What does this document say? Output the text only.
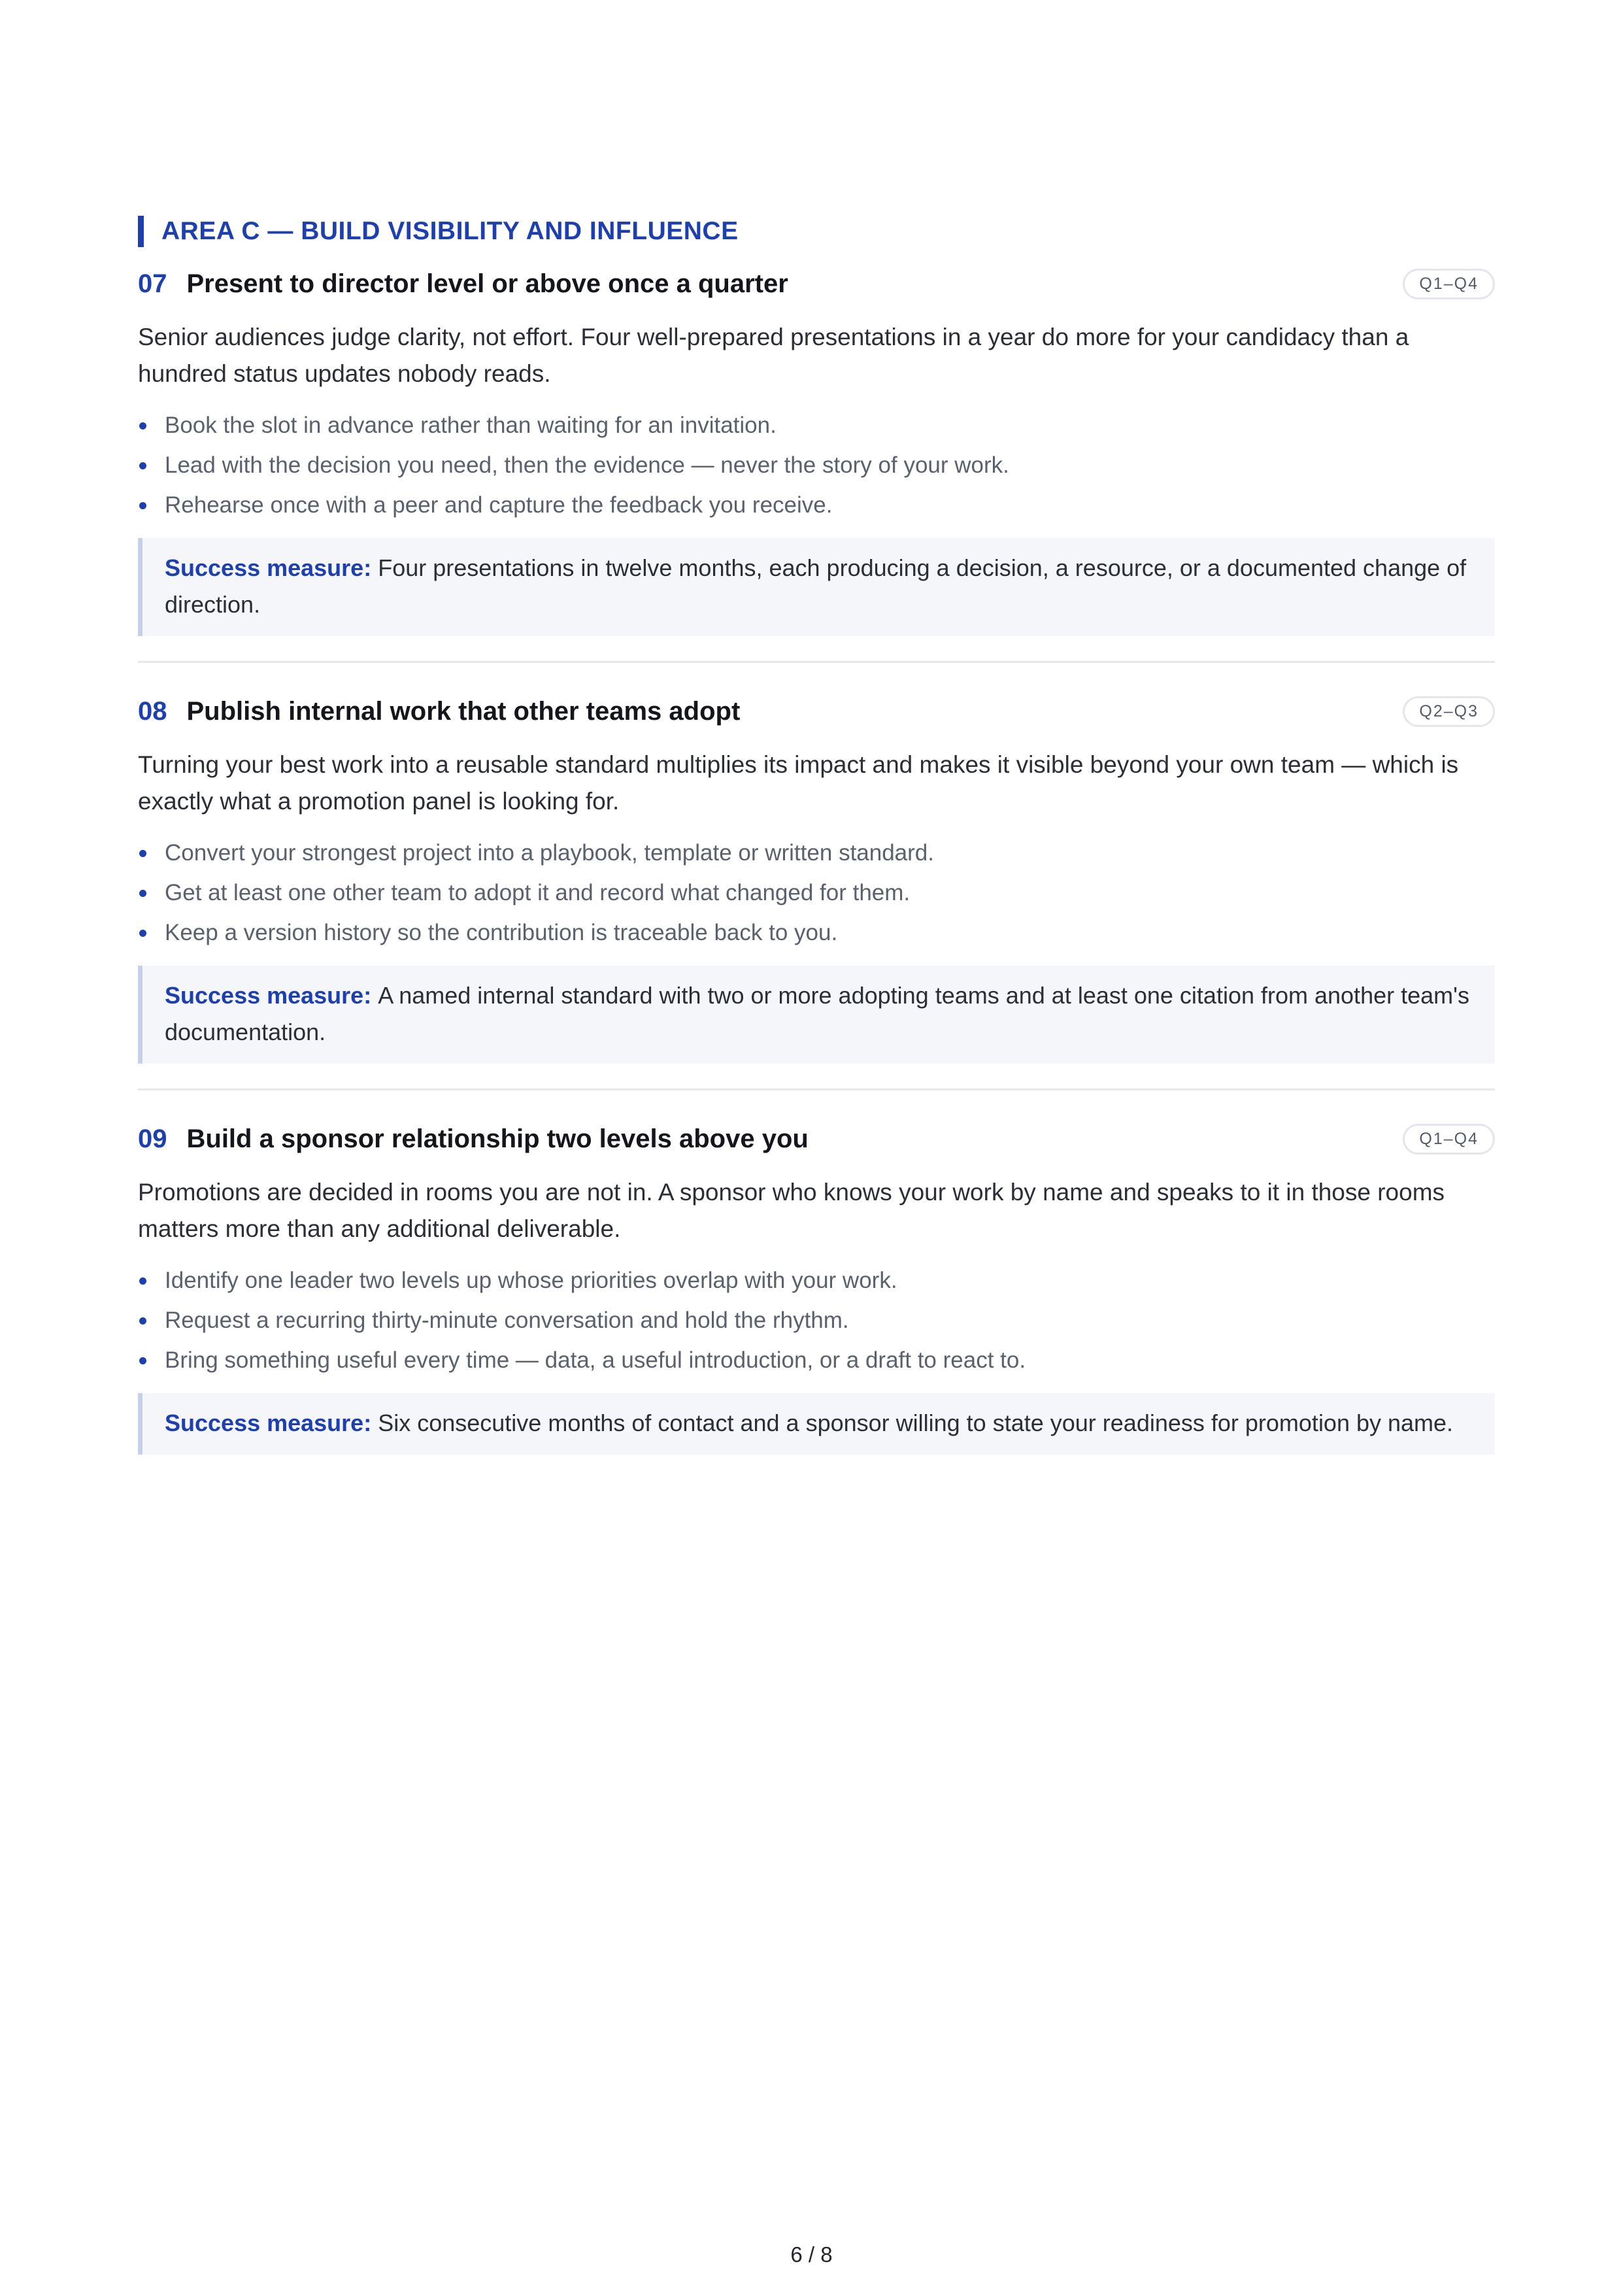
AREA C — BUILD VISIBILITY AND INFLUENCE
07 Present to director level or above once a quarter	Q1–Q4

Senior audiences judge clarity, not effort. Four well-prepared presentations in a year do more for your candidacy than a hundred status updates nobody reads.

Book the slot in advance rather than waiting for an invitation.
Lead with the decision you need, then the evidence — never the story of your work.
Rehearse once with a peer and capture the feedback you receive.
Success measure: Four presentations in twelve months, each producing a decision, a resource, or a documented change of direction.
08 Publish internal work that other teams adopt	Q2–Q3

Turning your best work into a reusable standard multiplies its impact and makes it visible beyond your own team — which is exactly what a promotion panel is looking for.

Convert your strongest project into a playbook, template or written standard.
Get at least one other team to adopt it and record what changed for them.
Keep a version history so the contribution is traceable back to you.
Success measure: A named internal standard with two or more adopting teams and at least one citation from another team's documentation.
09 Build a sponsor relationship two levels above you	Q1–Q4

Promotions are decided in rooms you are not in. A sponsor who knows your work by name and speaks to it in those rooms matters more than any additional deliverable.

Identify one leader two levels up whose priorities overlap with your work.
Request a recurring thirty-minute conversation and hold the rhythm.
Bring something useful every time — data, a useful introduction, or a draft to react to.
Success measure: Six consecutive months of contact and a sponsor willing to state your readiness for promotion by name.
6 / 8
